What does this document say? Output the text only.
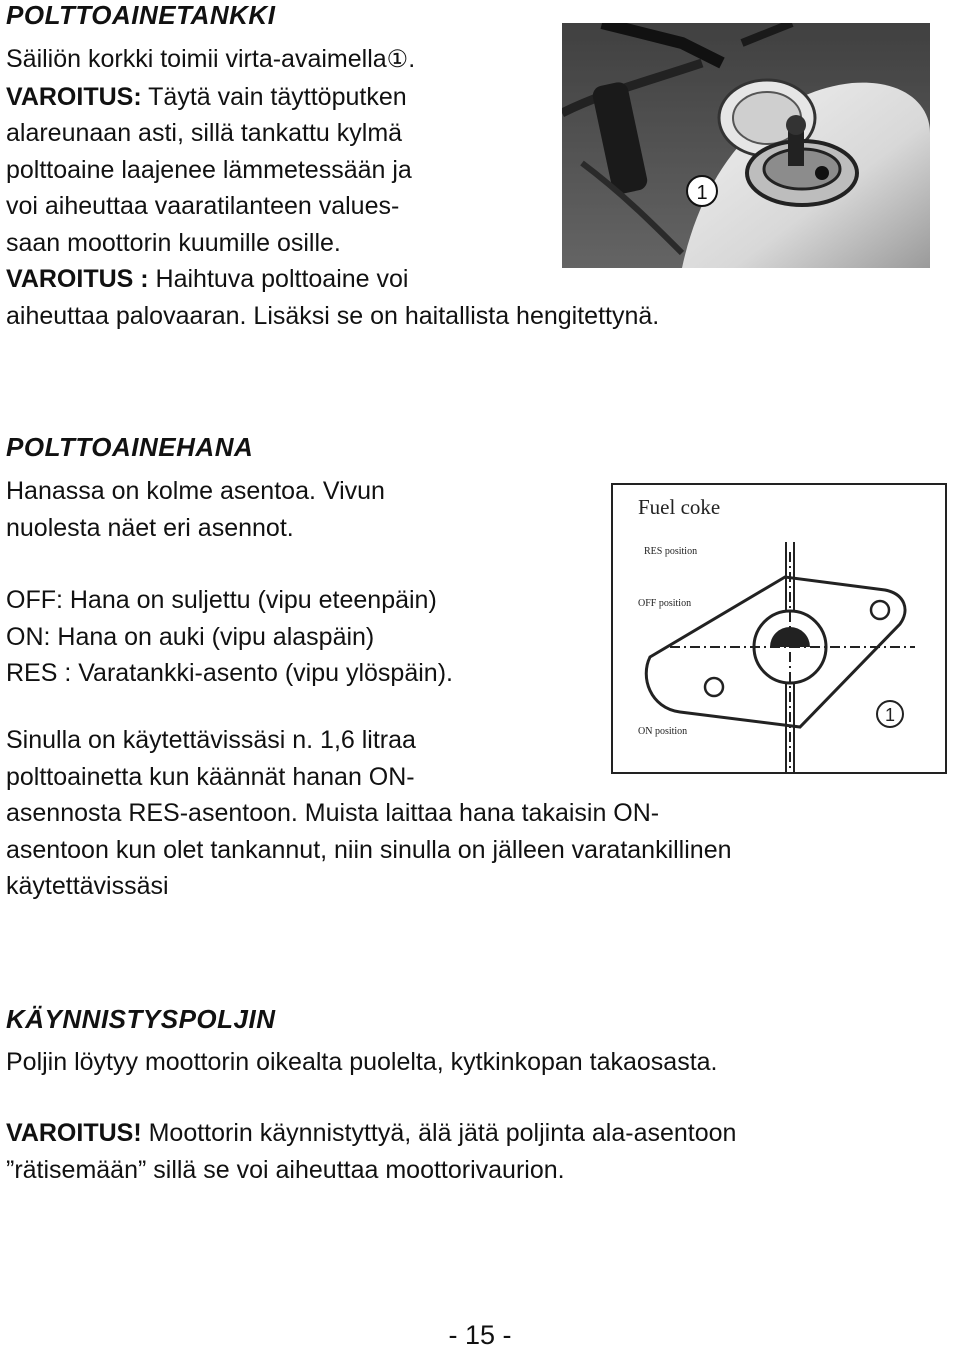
POLTTOAINETANKKI
Säiliön korkki toimii virta-avaimella①.
VAROITUS: Täytä vain täyttöputken
alareunaan asti, sillä tankattu kylmä
polttoaine laajenee lämmetessään ja
voi aiheuttaa vaaratilanteen values-
saan moottorin kuumille osille.
VAROITUS : Haihtuva polttoaine voi
aiheuttaa palovaaran. Lisäksi se on haitallista hengitettynä.
1
POLTTOAINEHANA
Hanassa on kolme asentoa. Vivun
nuolesta näet eri asennot.
OFF: Hana on suljettu (vipu eteenpäin)
ON: Hana on auki (vipu alaspäin)
RES : Varatankki-asento (vipu ylöspäin).
Sinulla on käytettävissäsi n. 1,6 litraa
polttoainetta kun käännät hanan ON-
asennosta RES-asentoon. Muista laittaa hana takaisin ON-
asentoon kun olet tankannut, niin sinulla on jälleen varatankillinen
käytettävissäsi
Fuel coke
RES position
OFF position
ON position
1
KÄYNNISTYSPOLJIN
Poljin löytyy moottorin oikealta puolelta, kytkinkopan takaosasta.
VAROITUS! Moottorin käynnistyttyä, älä jätä poljinta ala-asentoon
”rätisemään” sillä se voi aiheuttaa moottorivaurion.
- 15 -
